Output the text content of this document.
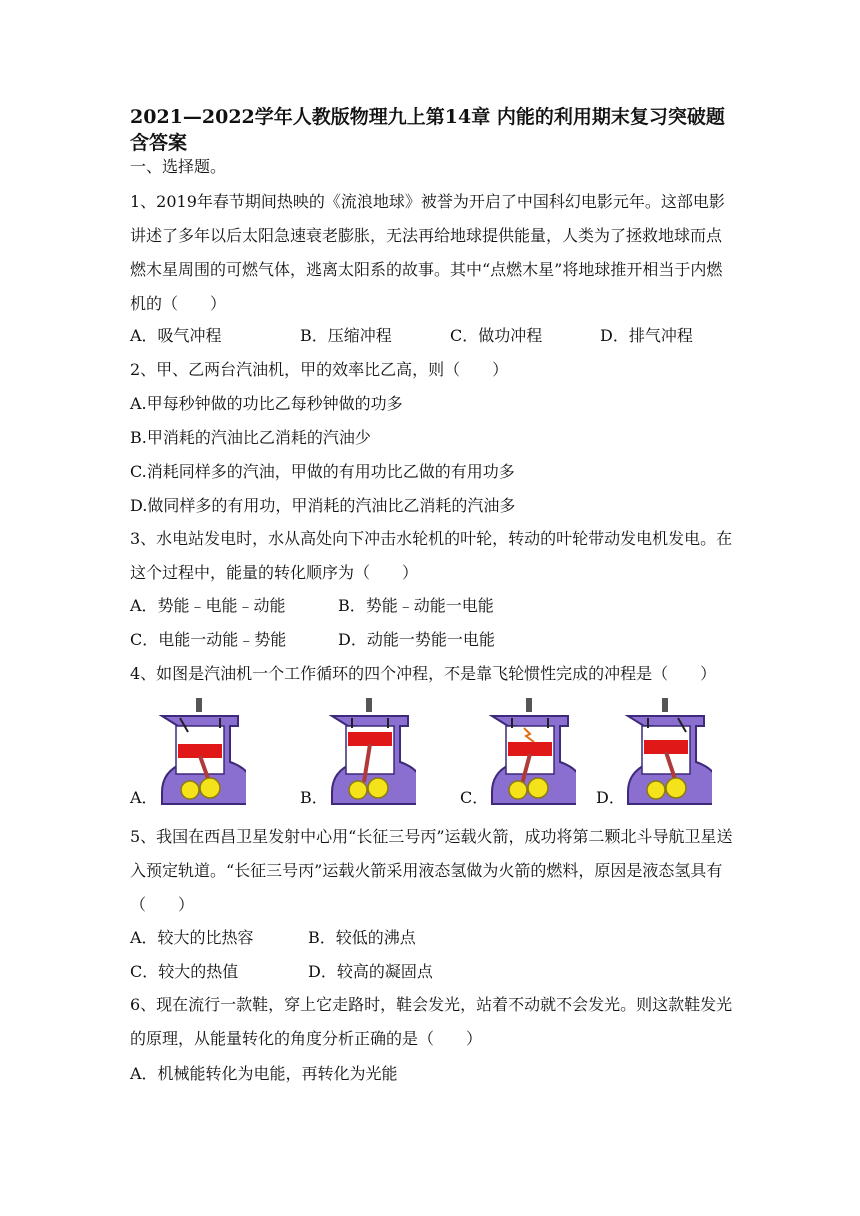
2021—2022学年人教版物理九上第14章 内能的利用期末复习突破题含答案
一、选择题。
1、2019年春节期间热映的《流浪地球》被誉为开启了中国科幻电影元年。这部电影讲述了多年以后太阳急速衰老膨胀，无法再给地球提供能量，人类为了拯救地球而点燃木星周围的可燃气体，逃离太阳系的故事。其中“点燃木星”将地球推开相当于内燃机的（　　）
A．吸气冲程	B．压缩冲程	C．做功冲程	D．排气冲程
2、甲、乙两台汽油机，甲的效率比乙高，则（　　）
A.甲每秒钟做的功比乙每秒钟做的功多
B.甲消耗的汽油比乙消耗的汽油少
C.消耗同样多的汽油，甲做的有用功比乙做的有用功多
D.做同样多的有用功，甲消耗的汽油比乙消耗的汽油多
3、水电站发电时，水从高处向下冲击水轮机的叶轮，转动的叶轮带动发电机发电。在这个过程中，能量的转化顺序为（　　）
A．势能﹣电能﹣动能	B．势能﹣动能一电能
C．电能一动能﹣势能	D．动能一势能一电能
4、如图是汽油机一个工作循环的四个冲程，不是靠飞轮惯性完成的冲程是（　　）
A．	B．	C．	D．
5、我国在西昌卫星发射中心用“长征三号丙”运载火箭，成功将第二颗北斗导航卫星送入预定轨道。“长征三号丙”运载火箭采用液态氢做为火箭的燃料，原因是液态氢具有（　　）
A．较大的比热容	B．较低的沸点
C．较大的热值	D．较高的凝固点
6、现在流行一款鞋，穿上它走路时，鞋会发光，站着不动就不会发光。则这款鞋发光的原理，从能量转化的角度分析正确的是（　　）
A．机械能转化为电能，再转化为光能
